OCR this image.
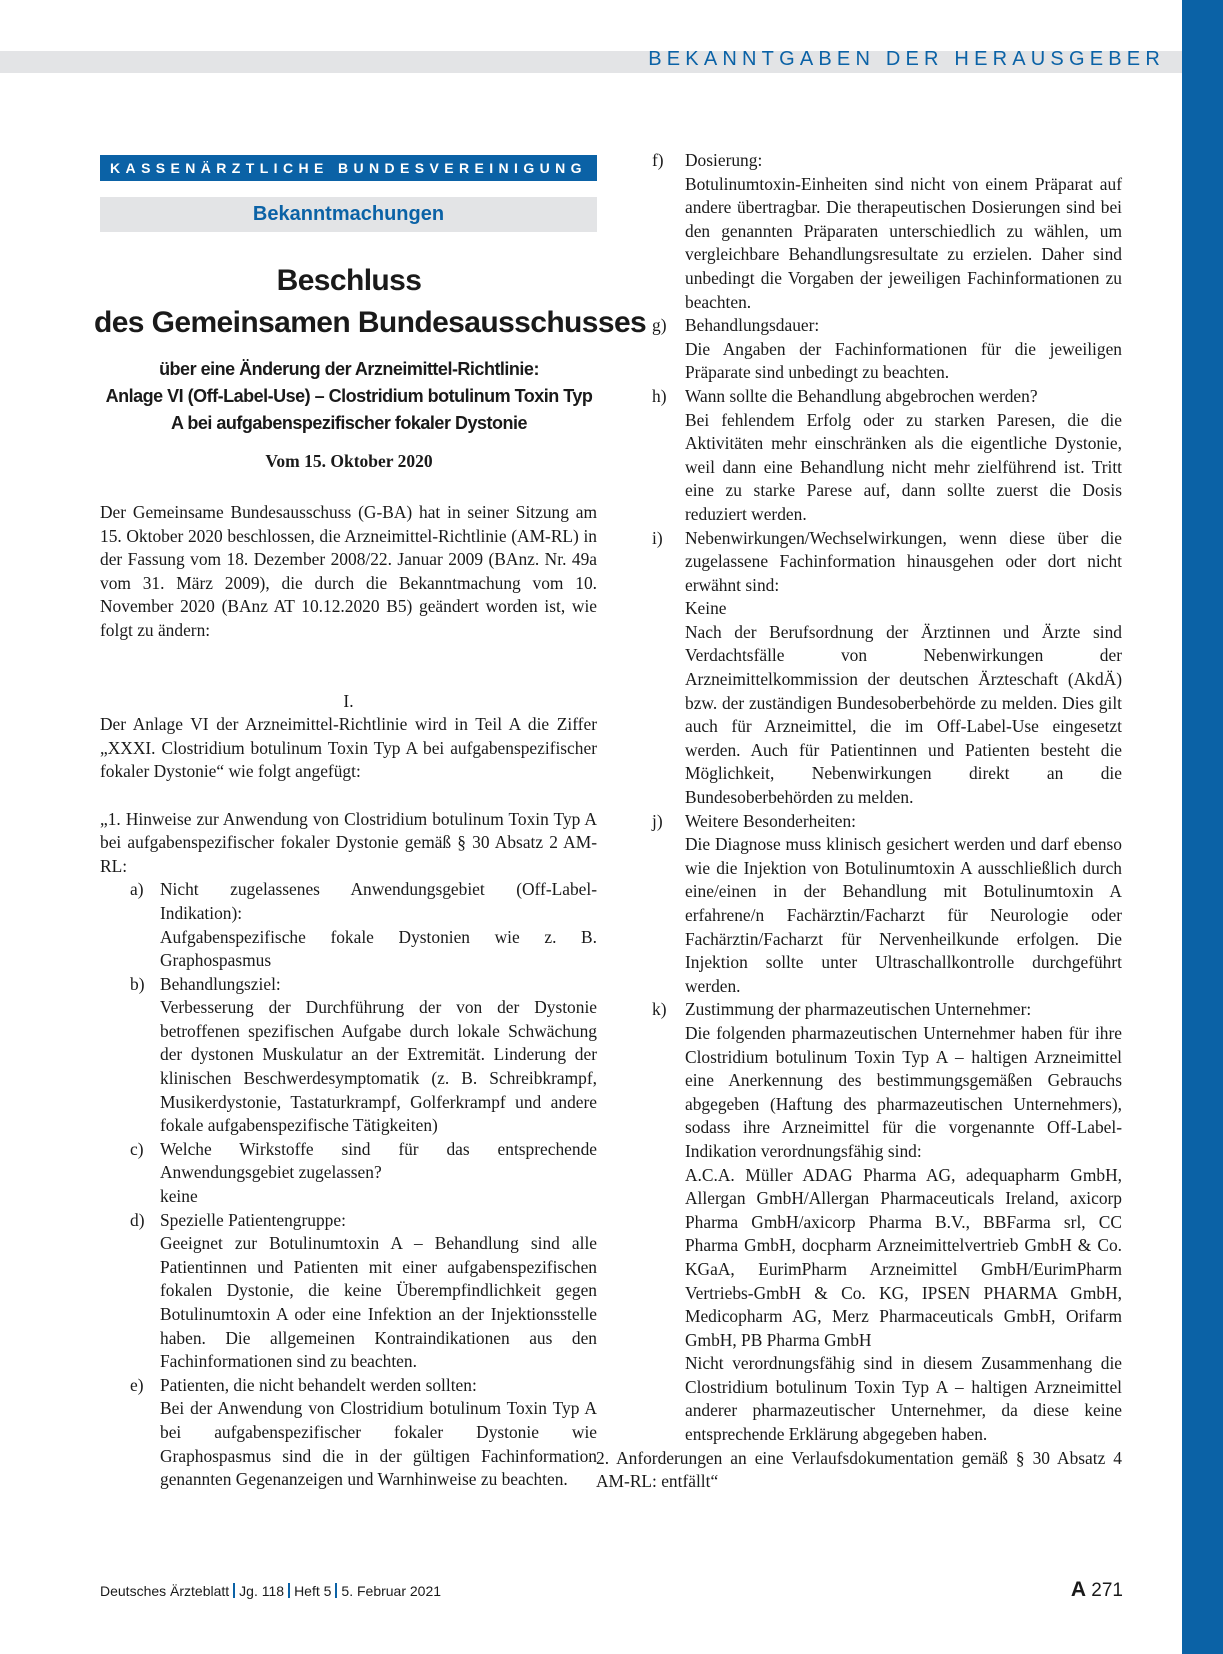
BEKANNTGABEN DER HERAUSGEBER
KASSENÄRZTLICHE BUNDESVEREINIGUNG
Bekanntmachungen
Beschluss
des Gemeinsamen Bundesausschusses
über eine Änderung der Arzneimittel-Richtlinie:
Anlage VI (Off-Label-Use) – Clostridium botulinum Toxin Typ
A bei aufgabenspezifischer fokaler Dystonie
Vom 15. Oktober 2020

Der Gemeinsame Bundesausschuss (G-BA) hat in seiner Sitzung am 15. Oktober 2020 beschlossen, die Arzneimittel-Richtlinie (AM-RL) in der Fassung vom 18. Dezember 2008/22. Januar 2009 (BAnz. Nr. 49a vom 31. März 2009), die durch die Bekanntmachung vom 10. November 2020 (BAnz AT 10.12.2020 B5) geändert worden ist, wie folgt zu ändern:

I.

Der Anlage VI der Arzneimittel-Richtlinie wird in Teil A die Ziffer „XXXI. Clostridium botulinum Toxin Typ A bei aufgabenspezifischer fokaler Dystonie“ wie folgt angefügt:

„1. Hinweise zur Anwendung von Clostridium botulinum Toxin Typ A bei aufgabenspezifischer fokaler Dystonie gemäß § 30 Absatz 2 AM-RL:

a) Nicht zugelassenes Anwendungsgebiet (Off-Label-Indikation):
Aufgabenspezifische fokale Dystonien wie z. B. Graphospasmus
b) Behandlungsziel:
Verbesserung der Durchführung der von der Dystonie betroffenen spezifischen Aufgabe durch lokale Schwächung der dystonen Muskulatur an der Extremität. Linderung der klinischen Beschwerdesymptomatik (z. B. Schreibkrampf, Musikerdystonie, Tastaturkrampf, Golferkrampf und andere fokale aufgabenspezifische Tätigkeiten)
c) Welche Wirkstoffe sind für das entsprechende Anwendungsgebiet zugelassen?
keine
d) Spezielle Patientengruppe:
Geeignet zur Botulinumtoxin A – Behandlung sind alle Patientinnen und Patienten mit einer aufgabenspezifischen fokalen Dystonie, die keine Überempfindlichkeit gegen Botulinumtoxin A oder eine Infektion an der Injektionsstelle haben. Die allgemeinen Kontraindikationen aus den Fachinformationen sind zu beachten.
e) Patienten, die nicht behandelt werden sollten:
Bei der Anwendung von Clostridium botulinum Toxin Typ A bei aufgabenspezifischer fokaler Dystonie wie Graphospasmus sind die in der gültigen Fachinformation genannten Gegenanzeigen und Warnhinweise zu beachten.
f) Dosierung:
Botulinumtoxin-Einheiten sind nicht von einem Präparat auf andere übertragbar. Die therapeutischen Dosierungen sind bei den genannten Präparaten unterschiedlich zu wählen, um vergleichbare Behandlungsresultate zu erzielen. Daher sind unbedingt die Vorgaben der jeweiligen Fachinformationen zu beachten.
g) Behandlungsdauer:
Die Angaben der Fachinformationen für die jeweiligen Präparate sind unbedingt zu beachten.
h) Wann sollte die Behandlung abgebrochen werden?
Bei fehlendem Erfolg oder zu starken Paresen, die die Aktivitäten mehr einschränken als die eigentliche Dystonie, weil dann eine Behandlung nicht mehr zielführend ist. Tritt eine zu starke Parese auf, dann sollte zuerst die Dosis reduziert werden.
i) Nebenwirkungen/Wechselwirkungen, wenn diese über die zugelassene Fachinformation hinausgehen oder dort nicht erwähnt sind:
Keine
Nach der Berufsordnung der Ärztinnen und Ärzte sind Verdachtsfälle von Nebenwirkungen der Arzneimittelkommission der deutschen Ärzteschaft (AkdÄ) bzw. der zuständigen Bundesoberbehörde zu melden. Dies gilt auch für Arzneimittel, die im Off-Label-Use eingesetzt werden. Auch für Patientinnen und Patienten besteht die Möglichkeit, Nebenwirkungen direkt an die Bundesoberbehörden zu melden.
j) Weitere Besonderheiten:
Die Diagnose muss klinisch gesichert werden und darf ebenso wie die Injektion von Botulinumtoxin A ausschließlich durch eine/einen in der Behandlung mit Botulinumtoxin A erfahrene/n Fachärztin/Facharzt für Neurologie oder Fachärztin/Facharzt für Nervenheilkunde erfolgen. Die Injektion sollte unter Ultraschallkontrolle durchgeführt werden.
k) Zustimmung der pharmazeutischen Unternehmer:
Die folgenden pharmazeutischen Unternehmer haben für ihre Clostridium botulinum Toxin Typ A – haltigen Arzneimittel eine Anerkennung des bestimmungsgemäßen Gebrauchs abgegeben (Haftung des pharmazeutischen Unternehmers), sodass ihre Arzneimittel für die vorgenannte Off-Label-Indikation verordnungsfähig sind:
A.C.A. Müller ADAG Pharma AG, adequapharm GmbH, Allergan GmbH/Allergan Pharmaceuticals Ireland, axicorp Pharma GmbH/axicorp Pharma B.V., BBFarma srl, CC Pharma GmbH, docpharm Arzneimittelvertrieb GmbH & Co. KGaA, EurimPharm Arzneimittel GmbH/EurimPharm Vertriebs-GmbH & Co. KG, IPSEN PHARMA GmbH, Medicopharm AG, Merz Pharmaceuticals GmbH, Orifarm GmbH, PB Pharma GmbH
Nicht verordnungsfähig sind in diesem Zusammenhang die Clostridium botulinum Toxin Typ A – haltigen Arzneimittel anderer pharmazeutischer Unternehmer, da diese keine entsprechende Erklärung abgegeben haben.
2. Anforderungen an eine Verlaufsdokumentation gemäß § 30 Absatz 4 AM-RL: entfällt“
Deutsches Ärzteblatt Jg. 118 Heft 5 5. Februar 2021	A 271
